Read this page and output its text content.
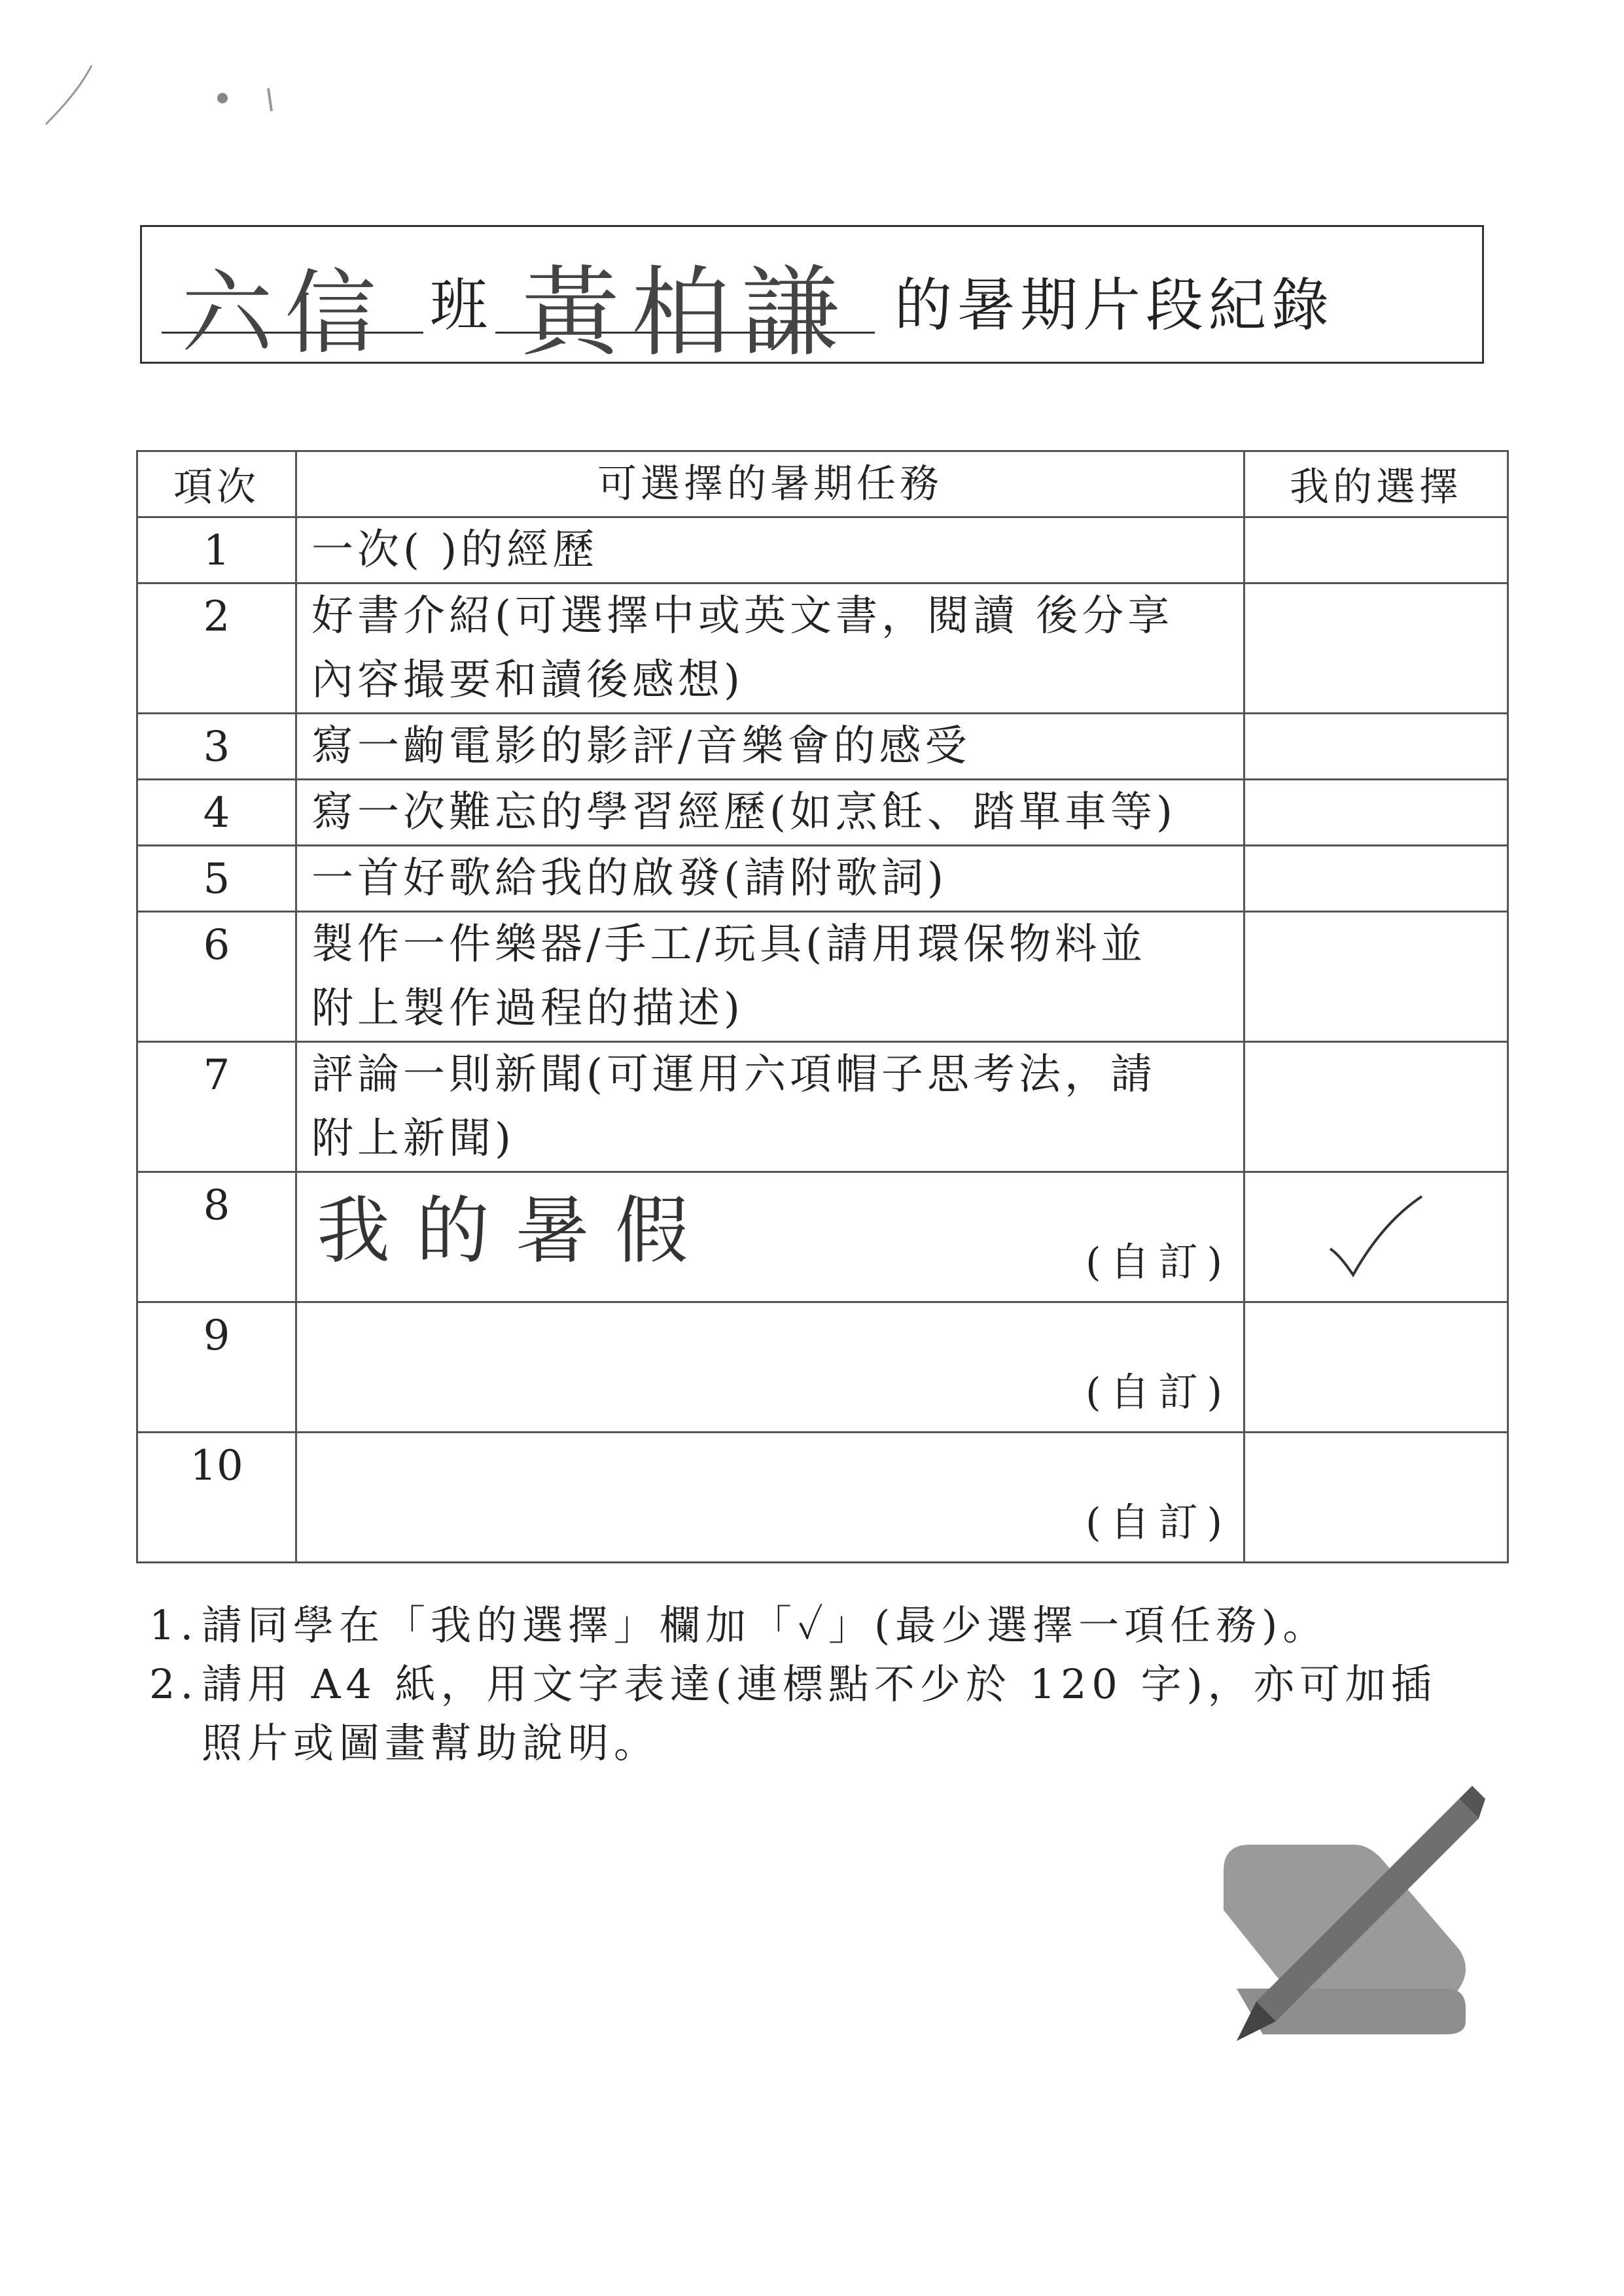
六信 班 黃柏謙 的暑期片段紀錄
項次	可選擇的暑期任務	我的選擇
1	一次( )的經歷	
2	好書介紹(可選擇中或英文書，閱讀 後分享
內容撮要和讀後感想)	

3	寫一齣電影的影評/音樂會的感受	
4	寫一次難忘的學習經歷(如烹飪、踏單車等)	
5	一首好歌給我的啟發(請附歌詞)	
6	製作一件樂器/手工/玩具(請用環保物料並
附上製作過程的描述)	

7	評論一則新聞(可運用六項帽子思考法，請
附上新聞)	

8	我的暑假 (自訂)

9	(自訂)	

10	(自訂)	

1. 請同學在「我的選擇」欄加「✓」(最少選擇一項任務)。
2. 請用 A4 紙，用文字表達(連標點不少於 120 字)，亦可加插
照片或圖畫幫助說明。
